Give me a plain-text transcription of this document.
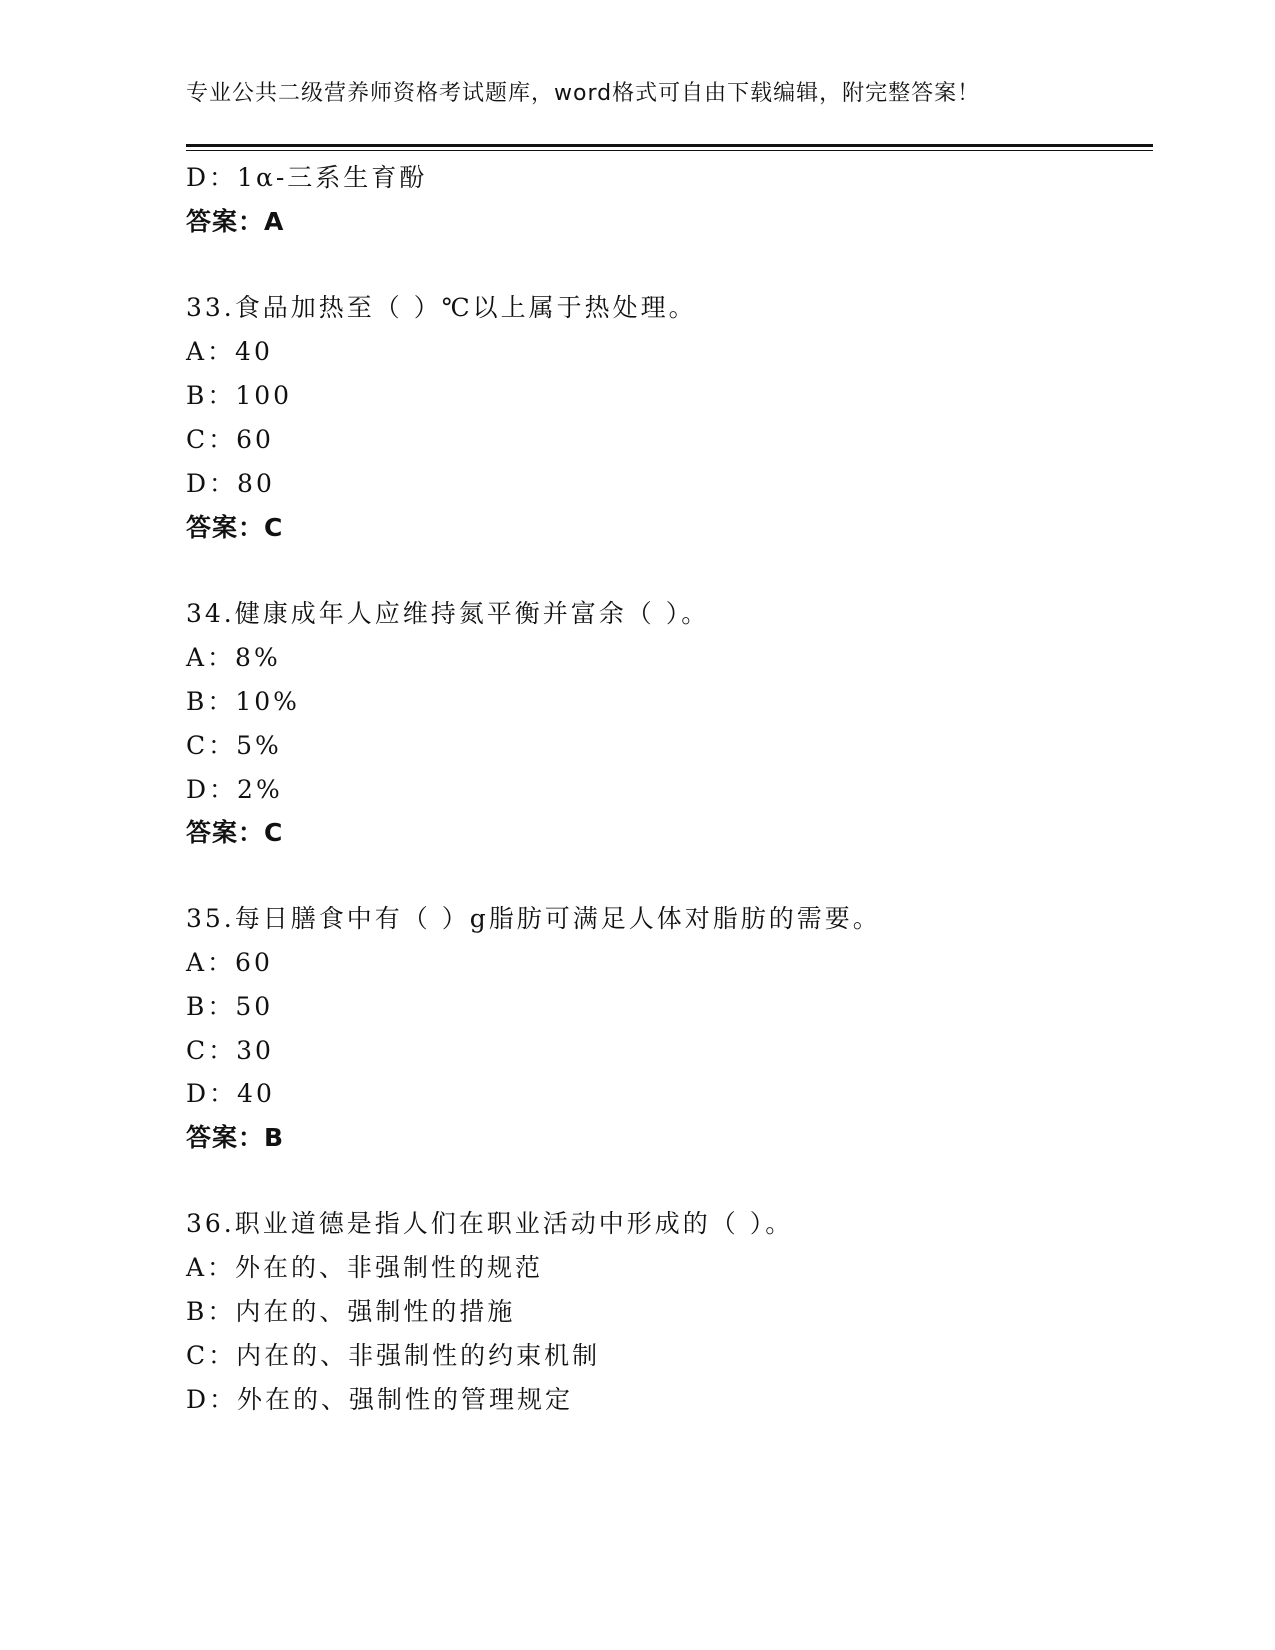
专业公共二级营养师资格考试题库，word格式可自由下载编辑，附完整答案！
D：1α-三系生育酚
答案：A
33.食品加热至（ ）℃以上属于热处理。
A：40
B：100
C：60
D：80
答案：C
34.健康成年人应维持氮平衡并富余（ ）。
A：8%
B：10%
C：5%
D：2%
答案：C
35.每日膳食中有（ ）g脂肪可满足人体对脂肪的需要。
A：60
B：50
C：30
D：40
答案：B
36.职业道德是指人们在职业活动中形成的（ ）。
A：外在的、非强制性的规范
B：内在的、强制性的措施
C：内在的、非强制性的约束机制
D：外在的、强制性的管理规定
